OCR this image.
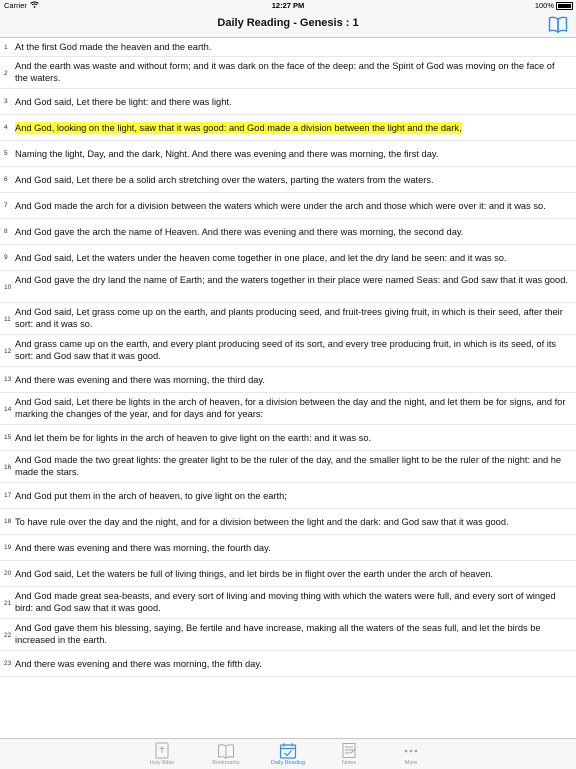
Carrier	12:27 PM	100%
Daily Reading - Genesis : 1
1 At the first God made the heaven and the earth.
2
And the earth was waste and without form; and it was dark on the face of the deep: and the Spirit of God was moving on the face of the waters.
3 And God said, Let there be light: and there was light.
4 And God, looking on the light, saw that it was good: and God made a division between the light and the dark,
5 Naming the light, Day, and the dark, Night. And there was evening and there was morning, the first day.
6 And God said, Let there be a solid arch stretching over the waters, parting the waters from the waters.
7 And God made the arch for a division between the waters which were under the arch and those which were over it: and it was so.
8 And God gave the arch the name of Heaven. And there was evening and there was morning, the second day.
9 And God said, Let the waters under the heaven come together in one place, and let the dry land be seen: and it was so.
10
And God gave the dry land the name of Earth; and the waters together in their place were named Seas: and God saw that it was good.
11
And God said, Let grass come up on the earth, and plants producing seed, and fruit-trees giving fruit, in which is their seed, after their sort: and it was so.
12
And grass came up on the earth, and every plant producing seed of its sort, and every tree producing fruit, in which is its seed, of its sort: and God saw that it was good.
13 And there was evening and there was morning, the third day.
14
And God said, Let there be lights in the arch of heaven, for a division between the day and the night, and let them be for signs, and for marking the changes of the year, and for days and for years:
15 And let them be for lights in the arch of heaven to give light on the earth: and it was so.
16
And God made the two great lights: the greater light to be the ruler of the day, and the smaller light to be the ruler of the night: and he made the stars.
17 And God put them in the arch of heaven, to give light on the earth;
18 To have rule over the day and the night, and for a division between the light and the dark: and God saw that it was good.
19 And there was evening and there was morning, the fourth day.
20 And God said, Let the waters be full of living things, and let birds be in flight over the earth under the arch of heaven.
21
And God made great sea-beasts, and every sort of living and moving thing with which the waters were full, and every sort of winged bird: and God saw that it was good.
22
And God gave them his blessing, saying, Be fertile and have increase, making all the waters of the seas full, and let the birds be increased in the earth.
23 And there was evening and there was morning, the fifth day.
Holy Bible	Bookmarks	Daily Reading	Notes	More
